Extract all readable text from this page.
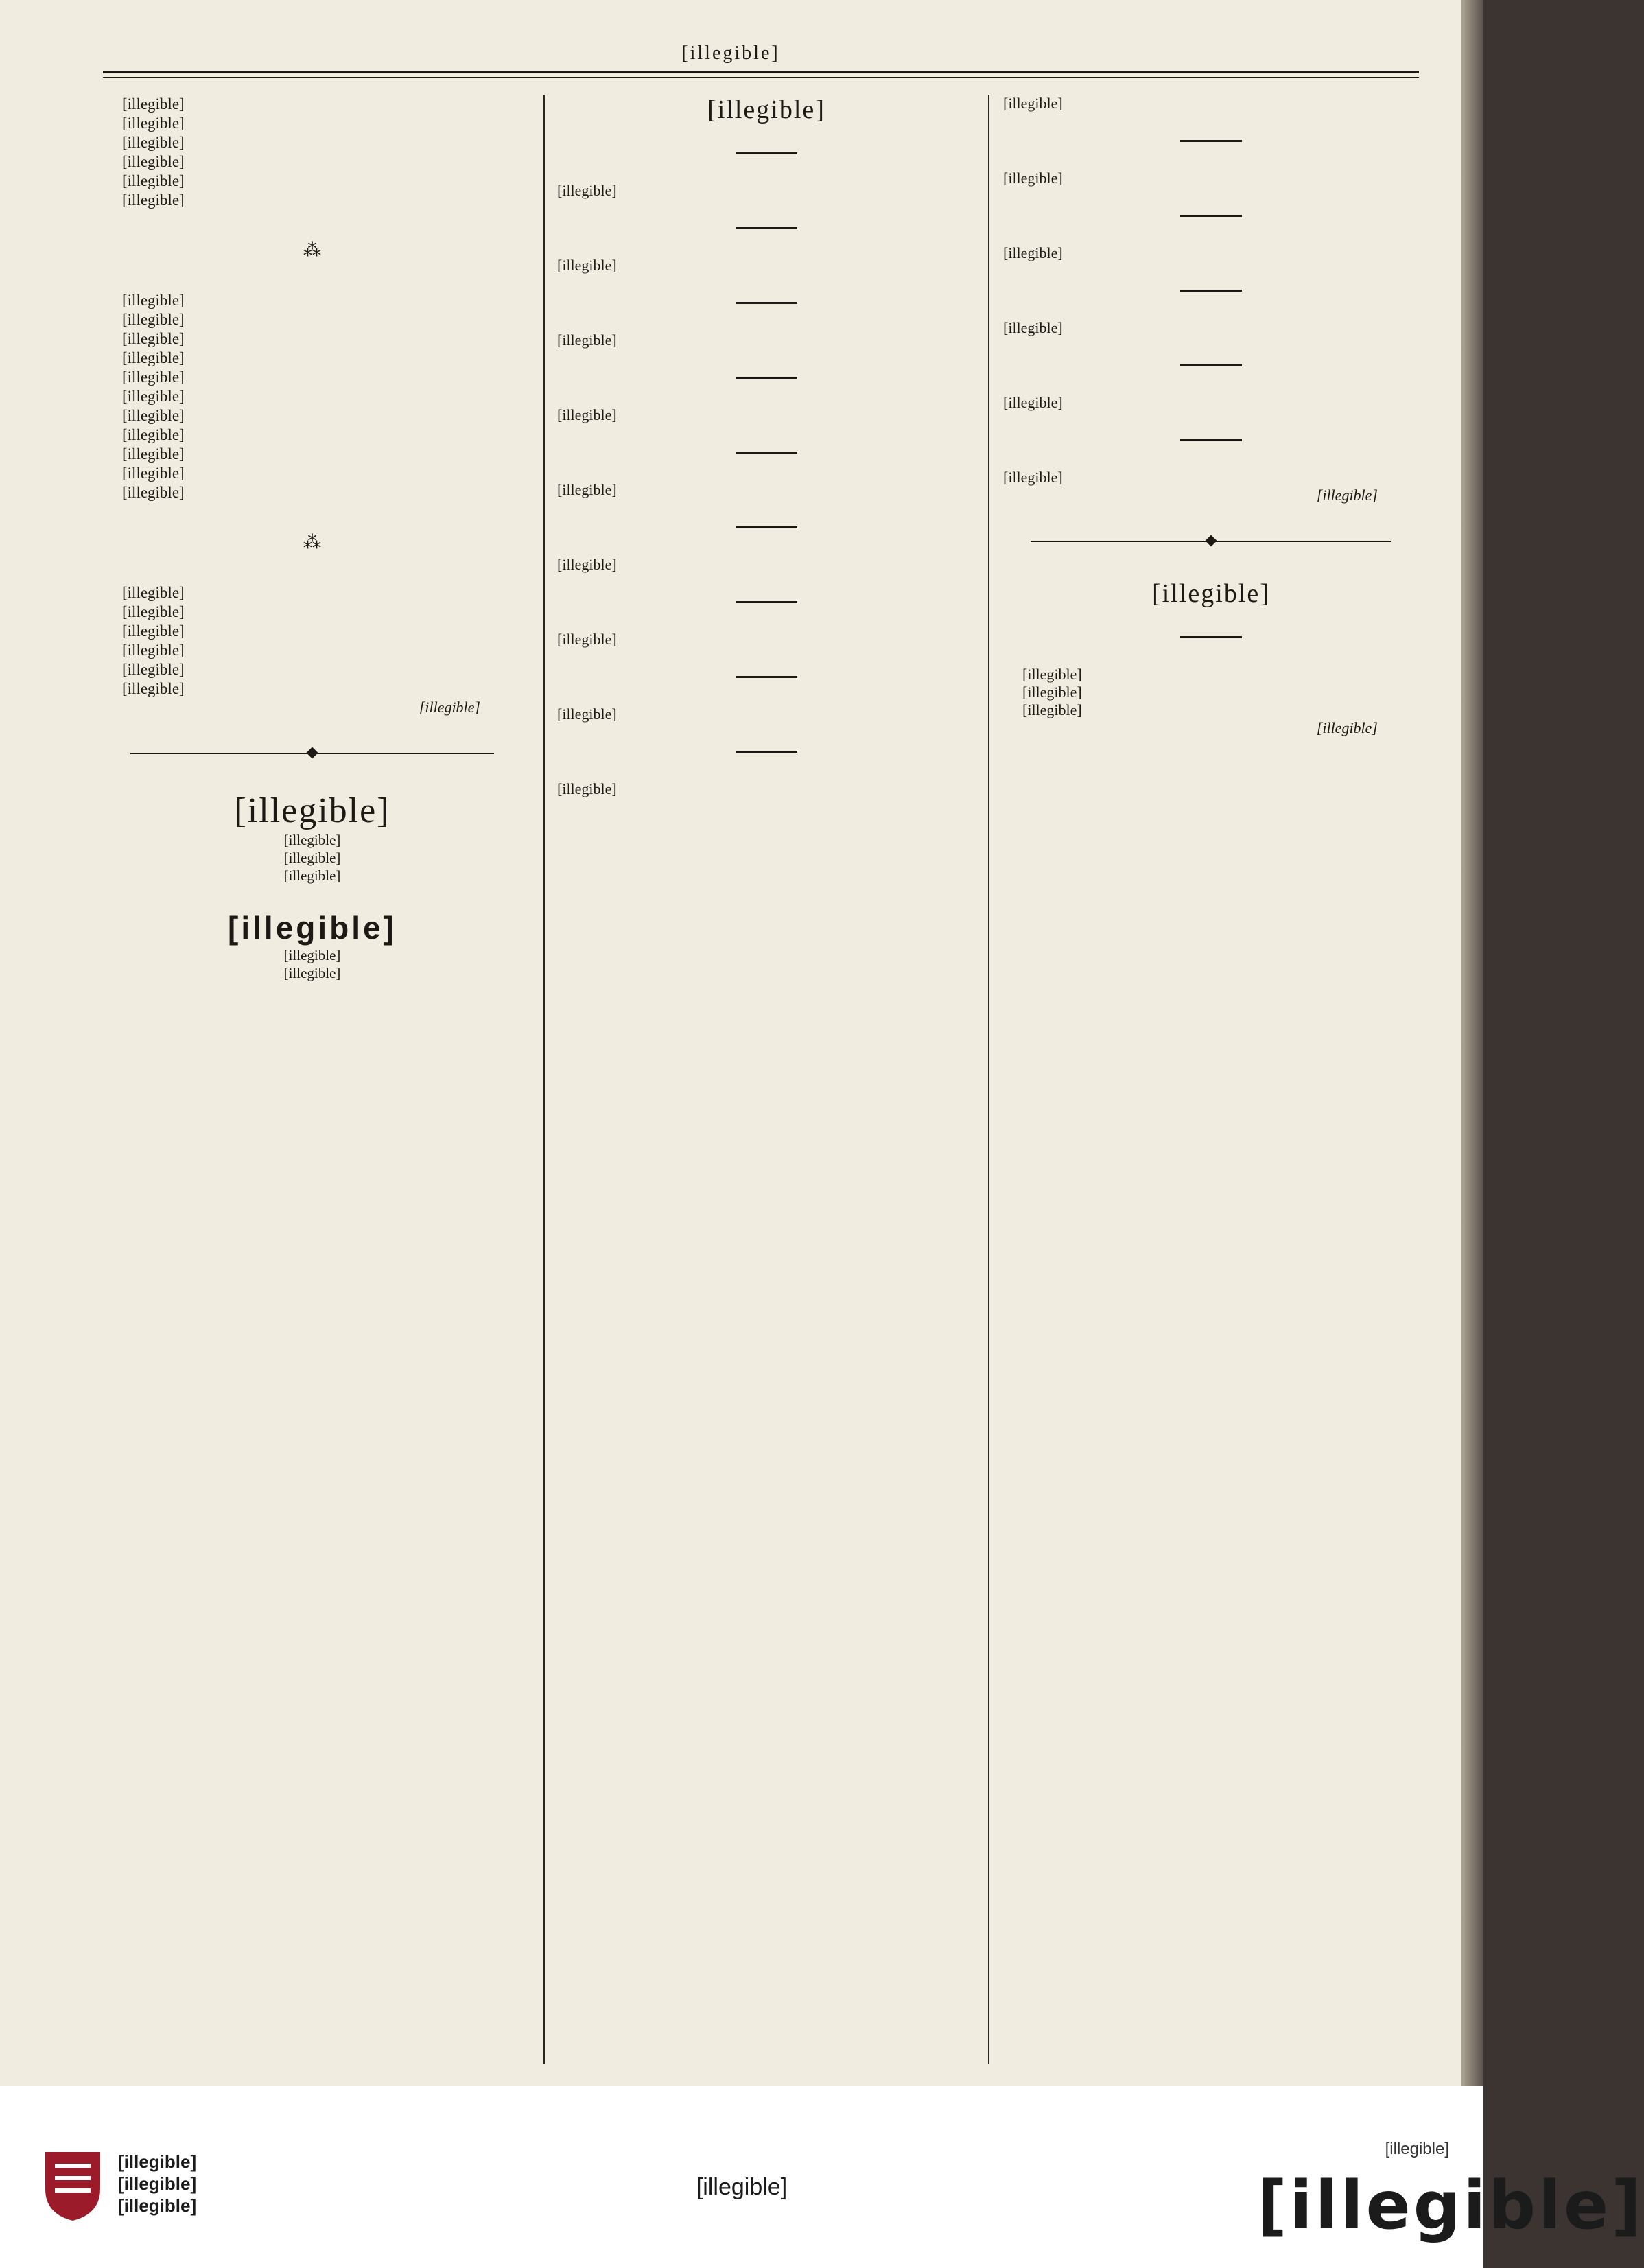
[illegible]

[illegible]

[illegible]

[illegible]

[illegible]

[illegible]

[illegible]

⁂

[illegible]

[illegible]

[illegible]

[illegible]

[illegible]

[illegible]

[illegible]

[illegible]

[illegible]

[illegible]

[illegible]

⁂

[illegible]

[illegible]

[illegible]

[illegible]

[illegible]

[illegible]

[illegible]
[illegible]
[illegible]
[illegible]
[illegible]
[illegible]
[illegible]
[illegible]
[illegible]

[illegible]

[illegible]

[illegible]

[illegible]

[illegible]

[illegible]

[illegible]

[illegible]

[illegible]

[illegible]

[illegible]

[illegible]

[illegible]

[illegible]

[illegible]

[illegible]
[illegible]

[illegible]

[illegible]

[illegible]

[illegible]
[illegible]
[illegible]
[illegible]
[illegible]
[illegible]
[illegible]
